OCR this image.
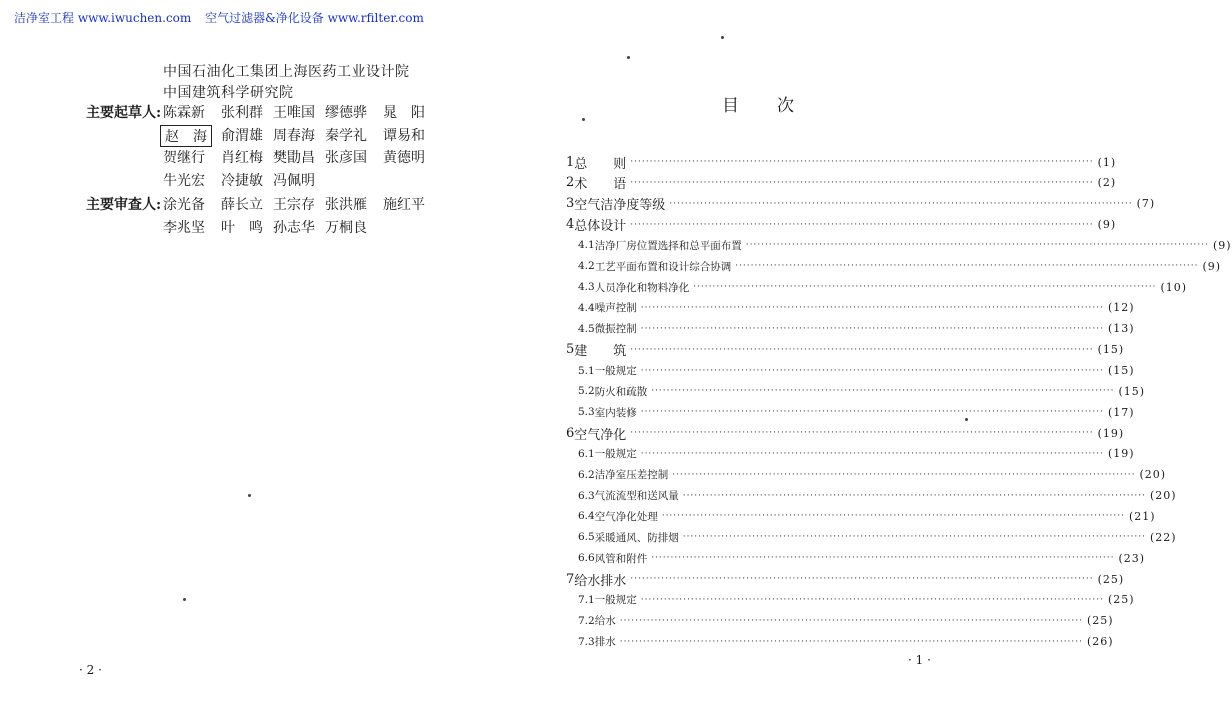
洁净室工程 www.iwuchen.com 空气过滤器&净化设备 www.rfilter.com
中国石油化工集团上海医药工业设计院
中国建筑科学研究院
主要起草人: 陈霖新 张利群 王唯国 缪德骅 晁　阳
赵　海	俞渭雄 周春海 秦学礼 谭易和
贺继行 肖红梅 樊勖昌 张彦国 黄德明
牛光宏 冷捷敏 冯佩明
主要审查人: 涂光备 薛长立 王宗存 张洪雁 施红平
李兆坚 叶　鸣 孙志华 万桐良
· 2 ·
目次
1 总　　则 ························································································································ (1)
2 术　　语 ························································································································ (2)
3 空气洁净度等级 ························································································································ (7)
4 总体设计 ························································································································ (9)
4.1 洁净厂房位置选择和总平面布置 ························································································································ (9)
4.2 工艺平面布置和设计综合协调 ························································································································ (9)
4.3 人员净化和物料净化 ························································································································ (10)
4.4 噪声控制 ························································································································ (12)
4.5 微振控制 ························································································································ (13)
5 建　　筑 ························································································································ (15)
5.1 一般规定 ························································································································ (15)
5.2 防火和疏散 ························································································································ (15)
5.3 室内装修 ························································································································ (17)
6 空气净化 ························································································································ (19)
6.1 一般规定 ························································································································ (19)
6.2 洁净室压差控制 ························································································································ (20)
6.3 气流流型和送风量 ························································································································ (20)
6.4 空气净化处理 ························································································································ (21)
6.5 采暖通风、防排烟 ························································································································ (22)
6.6 风管和附件 ························································································································ (23)
7 给水排水 ························································································································ (25)
7.1 一般规定 ························································································································ (25)
7.2 给水 ························································································································ (25)
7.3 排水 ························································································································ (26)
· 1 ·
